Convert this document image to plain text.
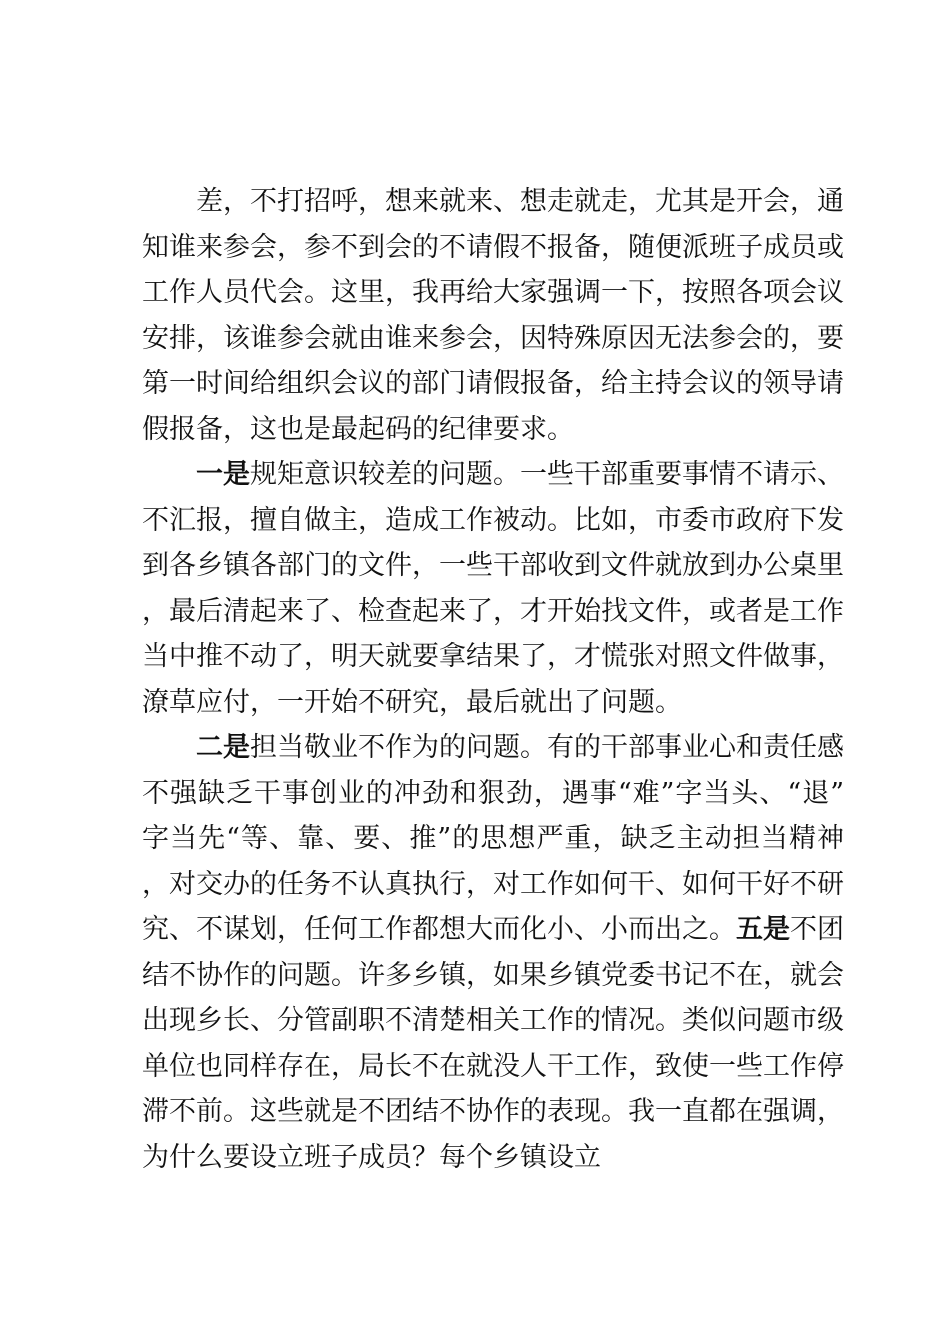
差，不打招呼，想来就来、想走就走，尤其是开会，通知谁来参会，参不到会的不请假不报备，随便派班子成员或工作人员代会。这里，我再给大家强调一下，按照各项会议安排，该谁参会就由谁来参会，因特殊原因无法参会的，要第一时间给组织会议的部门请假报备，给主持会议的领导请假报备，这也是最起码的纪律要求。

一是规矩意识较差的问题。一些干部重要事情不请示、不汇报，擅自做主，造成工作被动。比如，市委市政府下发到各乡镇各部门的文件，一些干部收到文件就放到办公桌里，最后清起来了、检查起来了，才开始找文件，或者是工作当中推不动了，明天就要拿结果了，才慌张对照文件做事，潦草应付，一开始不研究，最后就出了问题。

二是担当敬业不作为的问题。有的干部事业心和责任感不强缺乏干事创业的冲劲和狠劲，遇事“难”字当头、“退”字当先“等、靠、要、推”的思想严重，缺乏主动担当精神，对交办的任务不认真执行，对工作如何干、如何干好不研究、不谋划，任何工作都想大而化小、小而出之。五是不团结不协作的问题。许多乡镇，如果乡镇党委书记不在，就会出现乡长、分管副职不清楚相关工作的情况。类似问题市级单位也同样存在，局长不在就没人干工作，致使一些工作停滞不前。这些就是不团结不协作的表现。我一直都在强调，为什么要设立班子成员？每个乡镇设立
